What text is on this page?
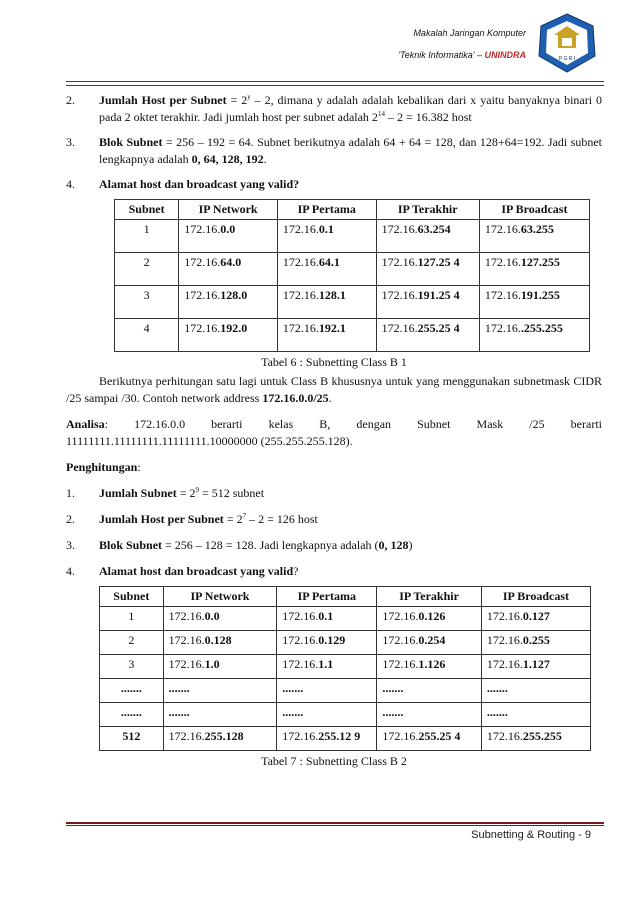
Makalah Jaringan Komputer
'Teknik Informatika' – UNINDRA	P G R I

2. Jumlah Host per Subnet = $2^y - 2$, dimana y adalah adalah kebalikan dari x yaitu banyaknya binari 0 pada 2 oktet terakhir. Jadi jumlah host per subnet adalah $2^{14} - 2 = 16.382$ host

3. Blok Subnet = 256 – 192 = 64. Subnet berikutnya adalah 64 + 64 = 128, dan 128+64=192. Jadi subnet lengkapnya adalah 0, 64, 128, 192.

4. Alamat host dan broadcast yang valid?

Subnet	IP Network	IP Pertama	IP Terakhir	IP Broadcast
1	172.16.0.0	172.16.0.1	172.16.63.254	172.16.63.255
2	172.16.64.0	172.16.64.1	172.16.127.25 4	172.16.127.255
3	172.16.128.0	172.16.128.1	172.16.191.25 4	172.16.191.255
4	172.16.192.0	172.16.192.1	172.16.255.25 4	172.16..255.255
Tabel 6 : Subnetting Class B 1

Berikutnya perhitungan satu lagi untuk Class B khususnya untuk yang menggunakan subnetmask CIDR /25 sampai /30. Contoh network address 172.16.0.0/25.

Analisa:     172.16.0.0     berarti     kelas     B,     dengan     Subnet     Mask     /25     berarti 11111111.11111111.11111111.10000000 (255.255.255.128).

Penghitungan:

1. Jumlah Subnet = $2^9 = 512$ subnet

2. Jumlah Host per Subnet = $2^7 - 2 = 126$ host

3. Blok Subnet = 256 – 128 = 128. Jadi lengkapnya adalah (0, 128)

4. Alamat host dan broadcast yang valid?

Subnet	IP Network	IP Pertama	IP Terakhir	IP Broadcast
1	172.16.0.0	172.16.0.1	172.16.0.126	172.16.0.127
2	172.16.0.128	172.16.0.129	172.16.0.254	172.16.0.255
3	172.16.1.0	172.16.1.1	172.16.1.126	172.16.1.127
.......	.......	.......	.......	.......
.......	.......	.......	.......	.......
512	172.16.255.128	172.16.255.12 9	172.16.255.25 4	172.16.255.255
Tabel 7 : Subnetting Class B 2
Subnetting & Routing - 9
